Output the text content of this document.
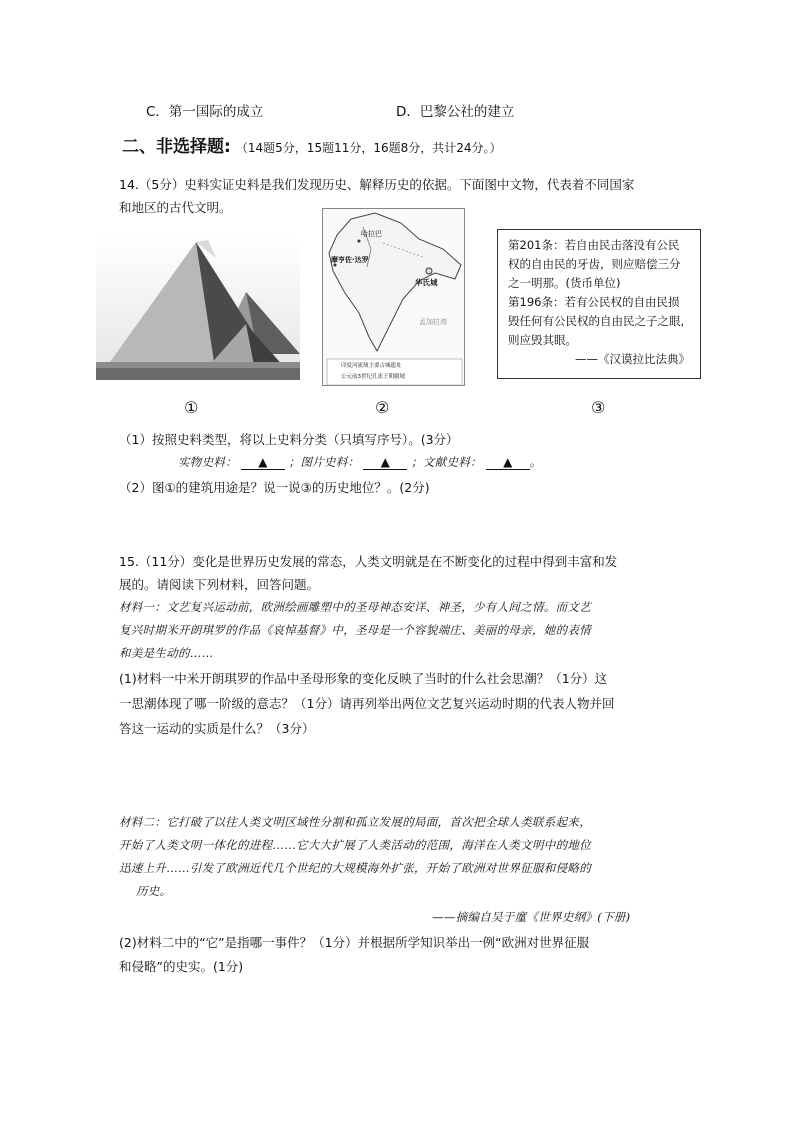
C．第一国际的成立	D．巴黎公社的建立
二、非选择题: （14题5分，15题11分，16题8分，共计24分。）
14.（5分）史料实证史料是我们发现历史、解释历史的依据。下面图中文物，代表着不同国家
和地区的古代文明。
哈拉巴
摩亨佐·达罗
华氏城
孟加拉湾
印度河流域主要古城遗址
公元前3世纪孔雀王朝疆域
第201条：若自由民击落没有公民
权的自由民的牙齿，则应赔偿三分
之一明那。(货币单位)
第196条：若有公民权的自由民损
毁任何有公民权的自由民之子之眼,
则应毁其眼。
——《汉谟拉比法典》
①	②	③
（1）按照史料类型，将以上史料分类（只填写序号）。(3分）
实物史料： ▲ ；图片史料： ▲ ；文献史料： ▲ 。
（2）图①的建筑用途是？说一说③的历史地位？。(2分)
15.（11分）变化是世界历史发展的常态，人类文明就是在不断变化的过程中得到丰富和发
展的。请阅读下列材料，回答问题。
材料一：文艺复兴运动前，欧洲绘画雕塑中的圣母神态安详、神圣，少有人间之情。而文艺
复兴时期米开朗琪罗的作品《哀悼基督》中，圣母是一个容貌端庄、美丽的母亲，她的表情
和美是生动的……
(1)材料一中米开朗琪罗的作品中圣母形象的变化反映了当时的什么社会思潮？（1分）这
一思潮体现了哪一阶级的意志？（1分）请再列举出两位文艺复兴运动时期的代表人物并回
答这一运动的实质是什么？（3分）
材料二：它打破了以往人类文明区域性分割和孤立发展的局面，首次把全球人类联系起来，
开始了人类文明一体化的进程……它大大扩展了人类活动的范围，海洋在人类文明中的地位
迅速上升……引发了欧洲近代几个世纪的大规模海外扩张，开始了欧洲对世界征服和侵略的
历史。
——摘编自吴于廑《世界史纲》(下册)
(2)材料二中的“它”是指哪一事件？（1分）并根据所学知识举出一例“欧洲对世界征服
和侵略”的史实。(1分)
